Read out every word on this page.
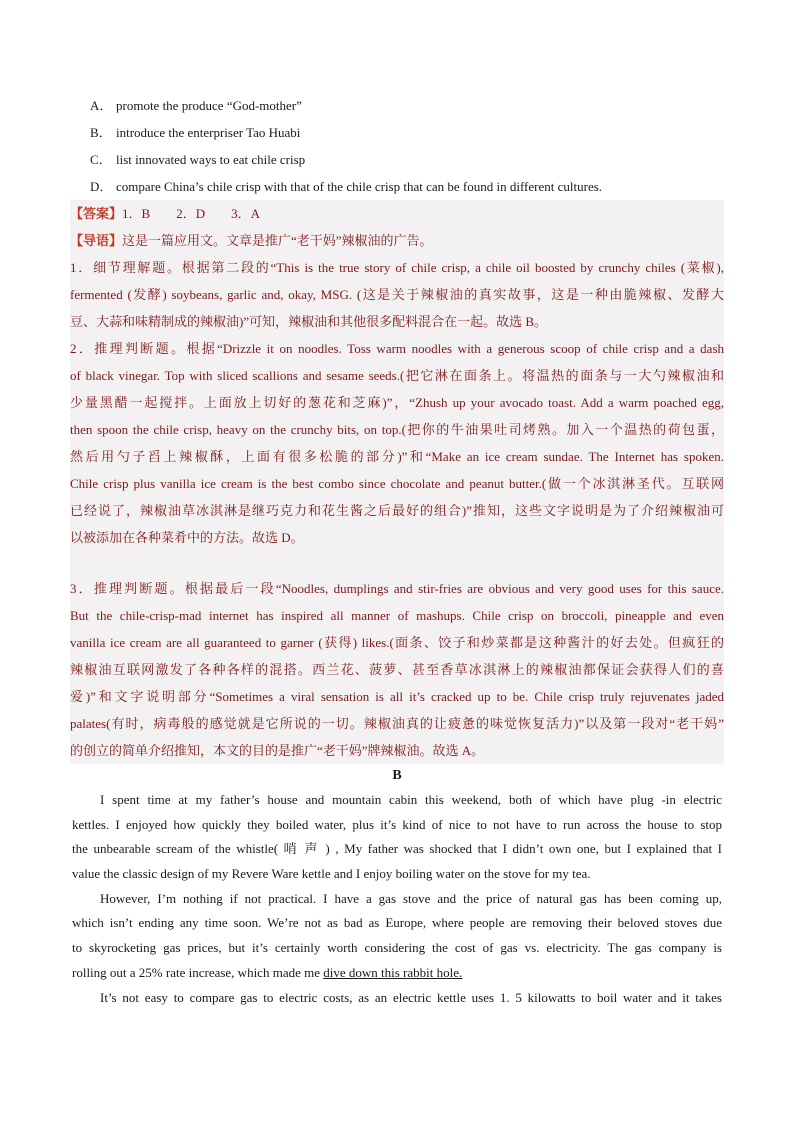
A． promote the produce “God-mother”
B． introduce the enterpriser Tao Huabi
C． list innovated ways to eat chile crisp
D． compare China’s chile crisp with that of the chile crisp that can be found in different cultures.
【答案】1．B 2．D 3．A
【导语】这是一篇应用文。文章是推广“老干妈”辣椒油的广告。
1．细节理解题。根据第二段的“This is the true story of chile crisp, a chile oil boosted by crunchy chiles (菜椒),
fermented (发酵) soybeans, garlic and, okay, MSG. (这是关于辣椒油的真实故事，这是一种由脆辣椒、发酵大
豆、大蒜和味精制成的辣椒油)”可知，辣椒油和其他很多配料混合在一起。故选 B。
2．推理判断题。根据“Drizzle it on noodles. Toss warm noodles with a generous scoop of chile crisp and a dash
of black vinegar. Top with sliced scallions and sesame seeds.(把它淋在面条上。将温热的面条与一大勺辣椒油和
少量黑醋一起搅拌。上面放上切好的葱花和芝麻)”，“Zhush up your avocado toast. Add a warm poached egg,
then spoon the chile crisp, heavy on the crunchy bits, on top.(把你的牛油果吐司烤熟。加入一个温热的荷包蛋，
然后用勺子舀上辣椒酥，上面有很多松脆的部分)”和“Make an ice cream sundae. The Internet has spoken.
Chile crisp plus vanilla ice cream is the best combo since chocolate and peanut butter.(做一个冰淇淋圣代。互联网
已经说了，辣椒油草冰淇淋是继巧克力和花生酱之后最好的组合)”推知，这些文字说明是为了介绍辣椒油可
以被添加在各种菜肴中的方法。故选 D。
3．推理判断题。根据最后一段“Noodles, dumplings and stir-fries are obvious and very good uses for this sauce.
But the chile-crisp-mad internet has inspired all manner of mashups. Chile crisp on broccoli, pineapple and even
vanilla ice cream are all guaranteed to garner (获得) likes.(面条、饺子和炒菜都是这种酱汁的好去处。但疯狂的
辣椒油互联网激发了各种各样的混搭。西兰花、菠萝、甚至香草冰淇淋上的辣椒油都保证会获得人们的喜
爱)”和文字说明部分“Sometimes a viral sensation is all it’s cracked up to be. Chile crisp truly rejuvenates jaded
palates(有时，病毒般的感觉就是它所说的一切。辣椒油真的让疲惫的味觉恢复活力)”以及第一段对“老干妈”
的创立的简单介绍推知，本文的目的是推广“老干妈”牌辣椒油。故选 A。
B
I spent time at my father’s house and mountain cabin this weekend, both of which have plug -in electric
kettles. I enjoyed how quickly they boiled water, plus it’s kind of nice to not have to run across the house to stop
the unbearable scream of the whistle( 哨 声 ) , My father was shocked that I didn’t own one, but I explained that I
value the classic design of my Revere Ware kettle and I enjoy boiling water on the stove for my tea.
However, I’m nothing if not practical. I have a gas stove and the price of natural gas has been coming up,
which isn’t ending any time soon. We’re not as bad as Europe, where people are removing their beloved stoves due
to skyrocketing gas prices, but it’s certainly worth considering the cost of gas vs. electricity. The gas company is
rolling out a 25% rate increase, which made me dive down this rabbit hole.
It’s not easy to compare gas to electric costs, as an electric kettle uses 1. 5 kilowatts to boil water and it takes
